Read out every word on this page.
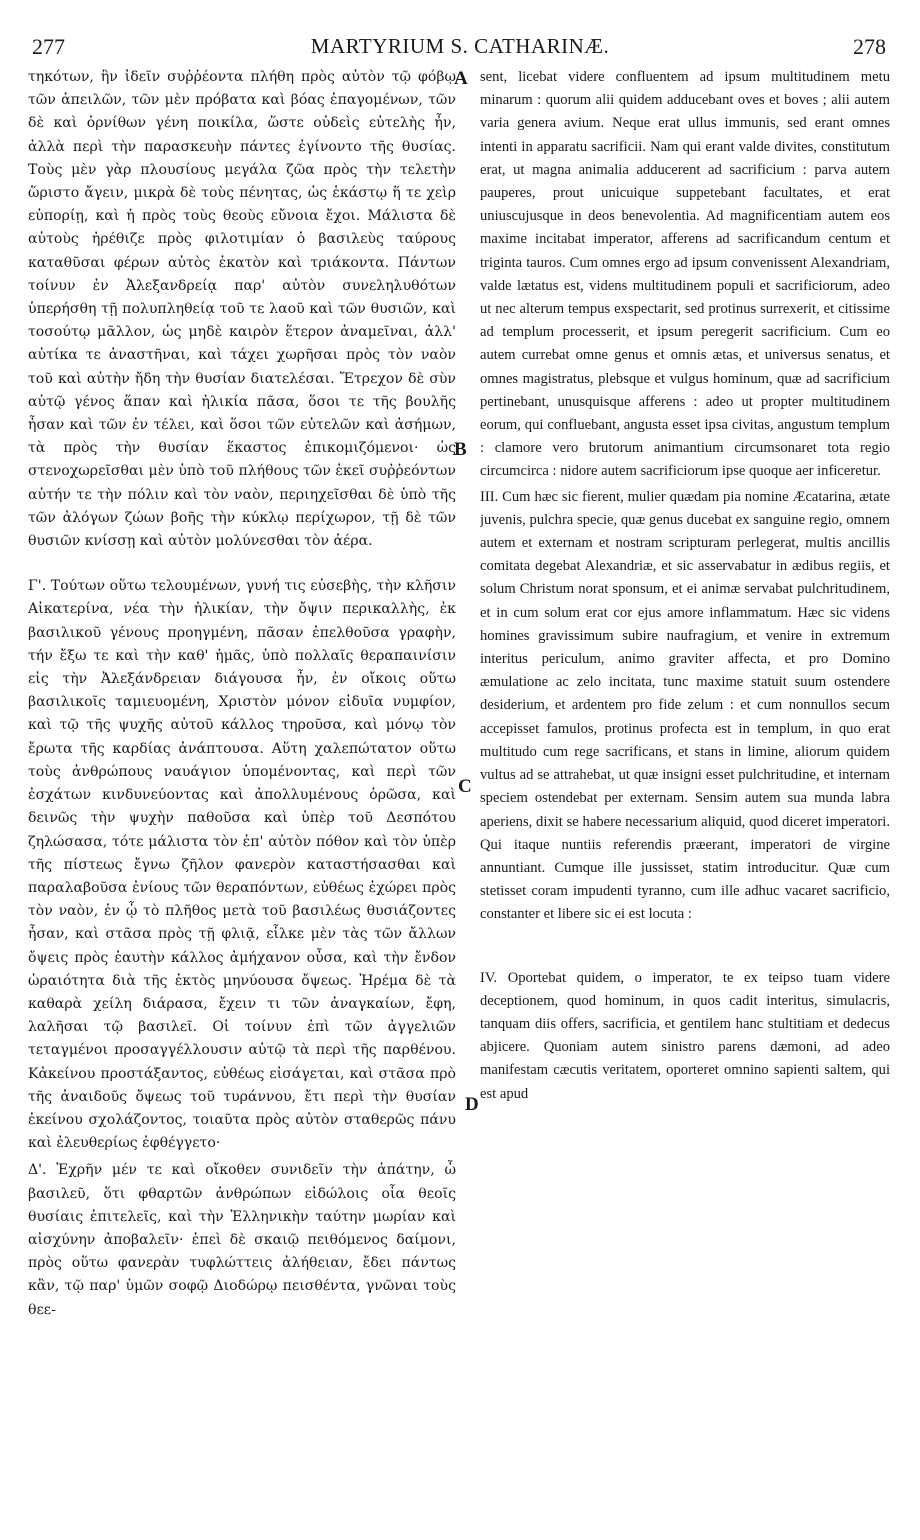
277	MARTYRIUM S. CATHARINÆ.	278

τηκότων, ἣν ἰδεῖν συῤῥέοντα πλήθη πρὸς αὐτὸν τῷ φόβῳ τῶν ἀπειλῶν, τῶν μὲν πρόβατα καὶ βόας ἐπαγομένων, τῶν δὲ καὶ ὀρνίθων γένη ποικίλα, ὥστε οὐδεὶς εὐτελὴς ἦν, ἀλλὰ περὶ τὴν παρασκευὴν πάντες ἐγίνοντο τῆς θυσίας. Τοὺς μὲν γὰρ πλουσίους μεγάλα ζῶα πρὸς τὴν τελετὴν ὥριστο ἄγειν, μικρὰ δὲ τοὺς πένητας, ὡς ἑκάστῳ ἥ τε χεὶρ εὐπορίῃ, καὶ ἡ πρὸς τοὺς θεοὺς εὔνοια ἔχοι. Μάλιστα δὲ αὐτοὺς ἠρέθιζε πρὸς φιλοτιμίαν ὁ βασιλεὺς ταύρους καταθῦσαι φέρων αὐτὸς ἑκατὸν καὶ τριάκοντα. Πάντων τοίνυν ἐν Ἀλεξανδρείᾳ παρ' αὐτὸν συνεληλυθότων ὑπερήσθη τῇ πολυπληθείᾳ τοῦ τε λαοῦ καὶ τῶν θυσιῶν, καὶ τοσούτῳ μᾶλλον, ὡς μηδὲ καιρὸν ἕτερον ἀναμεῖναι, ἀλλ' αὐτίκα τε ἀναστῆναι, καὶ τάχει χωρῆσαι πρὸς τὸν ναὸν τοῦ καὶ αὐτὴν ἤδη τὴν θυσίαν διατελέσαι. Ἔτρεχον δὲ σὺν αὐτῷ γένος ἅπαν καὶ ἡλικία πᾶσα, ὅσοι τε τῆς βουλῆς ἦσαν καὶ τῶν ἐν τέλει, καὶ ὅσοι τῶν εὐτελῶν καὶ ἀσήμων, τὰ πρὸς τὴν θυσίαν ἕκαστος ἐπικομιζόμενοι· ὡς στενοχωρεῖσθαι μὲν ὑπὸ τοῦ πλήθους τῶν ἐκεῖ συῤῥεόντων αὐτήν τε τὴν πόλιν καὶ τὸν ναὸν, περιηχεῖσθαι δὲ ὑπὸ τῆς τῶν ἀλόγων ζώων βοῆς τὴν κύκλῳ περίχωρον, τῇ δὲ τῶν θυσιῶν κνίσσῃ καὶ αὐτὸν μολύνεσθαι τὸν ἀέρα.

Γ'. Τούτων οὕτω τελουμένων, γυνή τις εὐσεβὴς, τὴν κλῆσιν Αἰκατερίνα, νέα τὴν ἡλικίαν, τὴν ὄψιν περικαλλὴς, ἐκ βασιλικοῦ γένους προηγμένη, πᾶσαν ἐπελθοῦσα γραφὴν, τήν ἔξω τε καὶ τὴν καθ' ἡμᾶς, ὑπὸ πολλαῖς θεραπαινίσιν εἰς τὴν Ἀλεξάνδρειαν διάγουσα ἦν, ἐν οἴκοις οὕτω βασιλικοῖς ταμιευομένη, Χριστὸν μόνον εἰδυῖα νυμφίον, καὶ τῷ τῆς ψυχῆς αὐτοῦ κάλλος τηροῦσα, καὶ μόνῳ τὸν ἔρωτα τῆς καρδίας ἀνάπτουσα. Αὕτη χαλεπώτατον οὕτω τοὺς ἀνθρώπους ναυάγιον ὑπομένοντας, καὶ περὶ τῶν ἐσχάτων κινδυνεύοντας καὶ ἀπολλυμένους ὁρῶσα, καὶ δεινῶς τὴν ψυχὴν παθοῦσα καὶ ὑπὲρ τοῦ Δεσπότου ζηλώσασα, τότε μάλιστα τὸν ἐπ' αὐτὸν πόθον καὶ τὸν ὑπὲρ τῆς πίστεως ἔγνω ζῆλον φανερὸν καταστήσασθαι καὶ παραλαβοῦσα ἐνίους τῶν θεραπόντων, εὐθέως ἐχώρει πρὸς τὸν ναὸν, ἐν ᾧ τὸ πλῆθος μετὰ τοῦ βασιλέως θυσιάζοντες ἦσαν, καὶ στᾶσα πρὸς τῇ φλιᾷ, εἷλκε μὲν τὰς τῶν ἄλλων ὄψεις πρὸς ἑαυτὴν κάλλος ἀμήχανον οὖσα, καὶ τὴν ἔνδον ὡραιότητα διὰ τῆς ἐκτὸς μηνύουσα ὄψεως. Ἠρέμα δὲ τὰ καθαρὰ χείλη διάρασα, ἔχειν τι τῶν ἀναγκαίων, ἔφη, λαλῆσαι τῷ βασιλεῖ. Οἱ τοίνυν ἐπὶ τῶν ἀγγελιῶν τεταγμένοι προσαγγέλλουσιν αὐτῷ τὰ περὶ τῆς παρθένου. Κἀκείνου προστάξαντος, εὐθέως εἰσάγεται, καὶ στᾶσα πρὸ τῆς ἀναιδοῦς ὄψεως τοῦ τυράννου, ἔτι περὶ τὴν θυσίαν ἐκείνου σχολάζοντος, τοιαῦτα πρὸς αὐτὸν σταθερῶς πάνυ καὶ ἐλευθερίως ἐφθέγγετο·

Δ'. Ἐχρῆν μέν τε καὶ οἴκοθεν συνιδεῖν τὴν ἀπάτην, ὦ βασιλεῦ, ὅτι φθαρτῶν ἀνθρώπων εἰδώλοις οἷα θεοῖς θυσίαις ἐπιτελεῖς, καὶ τὴν Ἑλληνικὴν ταύτην μωρίαν καὶ αἰσχύνην ἀποβαλεῖν· ἐπεὶ δὲ σκαιῷ πειθόμενος δαίμονι, πρὸς οὕτω φανερὰν τυφλώττεις ἀλήθειαν, ἔδει πάντως κἂν, τῷ παρ' ὑμῶν σοφῷ Διοδώρῳ πεισθέντα, γνῶναι τοὺς θεε-

sent, licebat videre confluentem ad ipsum multitudinem metu minarum : quorum alii quidem adducebant oves et boves ; alii autem varia genera avium. Neque erat ullus immunis, sed erant omnes intenti in apparatu sacrificii. Nam qui erant valde divites, constitutum erat, ut magna animalia adducerent ad sacrificium : parva autem pauperes, prout unicuique suppetebant facultates, et erat uniuscujusque in deos benevolentia. Ad magnificentiam autem eos maxime incitabat imperator, afferens ad sacrificandum centum et triginta tauros. Cum omnes ergo ad ipsum convenissent Alexandriam, valde lætatus est, videns multitudinem populi et sacrificiorum, adeo ut nec alterum tempus exspectarit, sed protinus surrexerit, et citissime ad templum processerit, et ipsum peregerit sacrificium. Cum eo autem currebat omne genus et omnis ætas, et universus senatus, et omnes magistratus, plebsque et vulgus hominum, quæ ad sacrificium pertinebant, unusquisque afferens : adeo ut propter multitudinem eorum, qui confluebant, angusta esset ipsa civitas, angustum templum : clamore vero brutorum animantium circumsonaret tota regio circumcirca : nidore autem sacrificiorum ipse quoque aer inficeretur.

III. Cum hæc sic fierent, mulier quædam pia nomine Æcatarina, ætate juvenis, pulchra specie, quæ genus ducebat ex sanguine regio, omnem autem et externam et nostram scripturam perlegerat, multis ancillis comitata degebat Alexandriæ, et sic asservabatur in ædibus regiis, et solum Christum norat sponsum, et ei animæ servabat pulchritudinem, et in cum solum erat cor ejus amore inflammatum. Hæc sic videns homines gravissimum subire naufragium, et venire in extremum interitus periculum, animo graviter affecta, et pro Domino æmulatione ac zelo incitata, tunc maxime statuit suum ostendere desiderium, et ardentem pro fide zelum : et cum nonnullos secum accepisset famulos, protinus profecta est in templum, in quo erat multitudo cum rege sacrificans, et stans in limine, aliorum quidem vultus ad se attrahebat, ut quæ insigni esset pulchritudine, et internam speciem ostendebat per externam. Sensim autem sua munda labra aperiens, dixit se habere necessarium aliquid, quod diceret imperatori. Qui itaque nuntiis referendis præerant, imperatori de virgine annuntiant. Cumque ille jussisset, statim introducitur. Quæ cum stetisset coram impudenti tyranno, cum ille adhuc vacaret sacrificio, constanter et libere sic ei est locuta :

IV. Oportebat quidem, o imperator, te ex teipso tuam videre deceptionem, quod hominum, in quos cadit interitus, simulacris, tanquam diis offers, sacrificia, et gentilem hanc stultitiam et dedecus abjicere. Quoniam autem sinistro parens dæmoni, ad adeo manifestam cæcutis veritatem, oporteret omnino sapienti saltem, qui est apud

A
B
C
D
